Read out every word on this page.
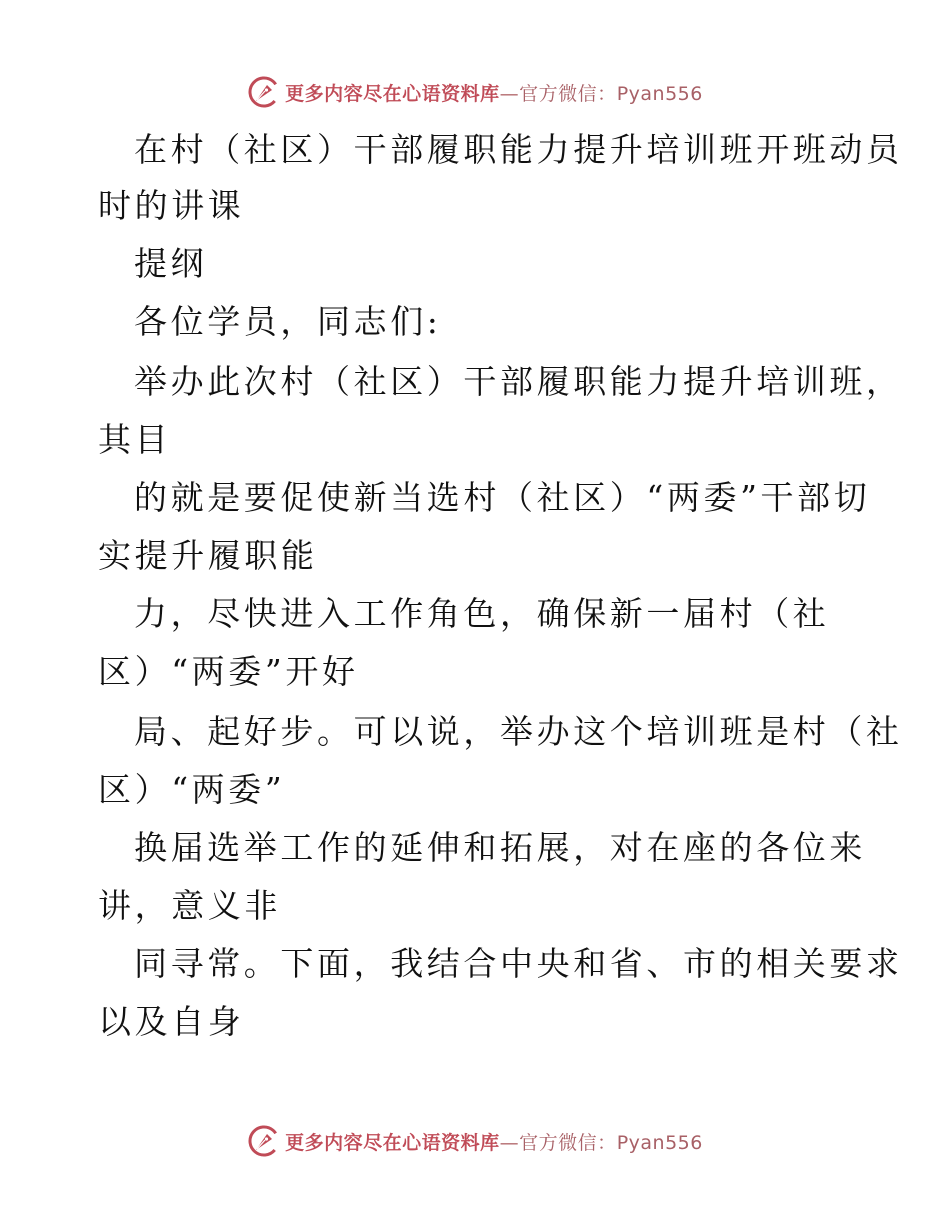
更多内容尽在心语资料库—官方微信：Pyan556
在村（社区）干部履职能力提升培训班开班动员
时的讲课
提纲
各位学员，同志们:
举办此次村（社区）干部履职能力提升培训班，
其目
的就是要促使新当选村（社区）“两委”干部切
实提升履职能
力，尽快进入工作角色，确保新一届村（社
区）“两委”开好
局、起好步。可以说，举办这个培训班是村（社
区）“两委”
换届选举工作的延伸和拓展，对在座的各位来
讲，意义非
同寻常。下面，我结合中央和省、市的相关要求
以及自身
更多内容尽在心语资料库—官方微信：Pyan556
